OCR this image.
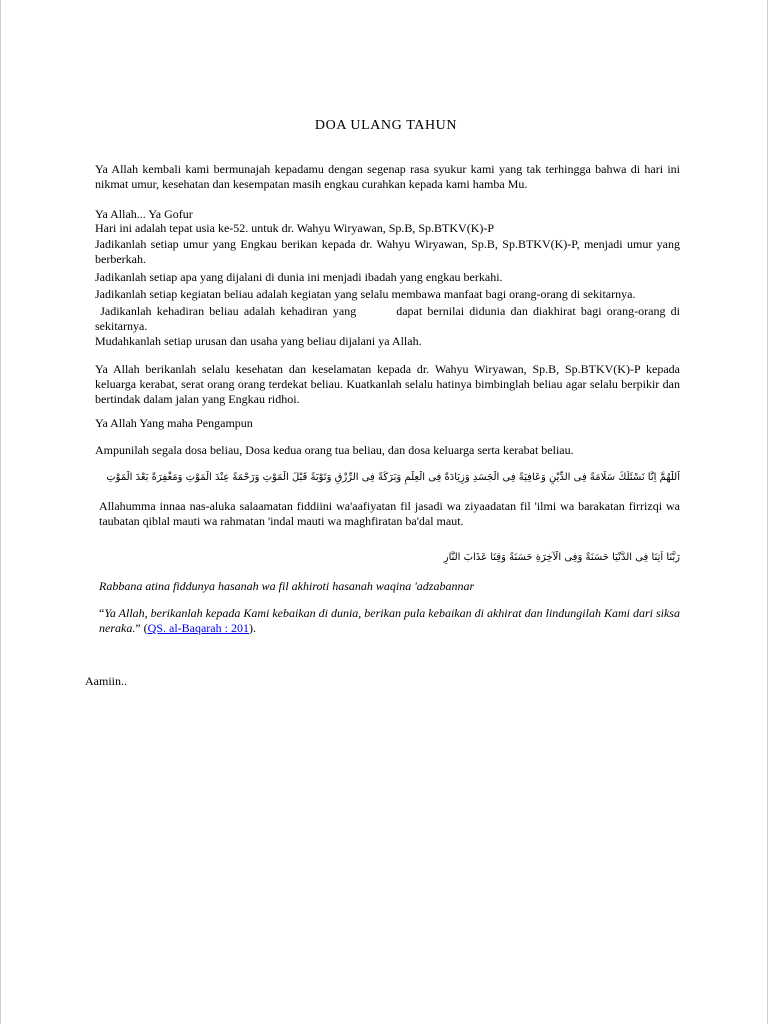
DOA ULANG TAHUN

Ya Allah kembali kami bermunajah kepadamu dengan segenap rasa syukur kami yang tak terhingga bahwa di hari ini nikmat umur, kesehatan dan kesempatan masih engkau curahkan kepada kami hamba Mu.

Ya Allah... Ya Gofur

Hari ini adalah tepat usia ke-52. untuk dr. Wahyu Wiryawan, Sp.B, Sp.BTKV(K)-P

Jadikanlah setiap umur yang Engkau berikan kepada dr. Wahyu Wiryawan, Sp.B, Sp.BTKV(K)-P, menjadi umur yang berberkah.

Jadikanlah setiap apa yang dijalani di dunia ini menjadi ibadah yang engkau berkahi.

Jadikanlah setiap kegiatan beliau adalah kegiatan yang selalu membawa manfaat bagi orang-orang di sekitarnya.

Jadikanlah kehadiran beliau adalah kehadiran yang	dapat bernilai didunia dan diakhirat bagi orang-orang di sekitarnya.

Mudahkanlah setiap urusan dan usaha yang beliau dijalani ya Allah.

Ya Allah berikanlah selalu kesehatan dan keselamatan kepada dr. Wahyu Wiryawan, Sp.B, Sp.BTKV(K)-P kepada keluarga kerabat, serat orang orang terdekat beliau. Kuatkanlah selalu hatinya bimbinglah beliau agar selalu berpikir dan bertindak dalam jalan yang Engkau ridhoi.

Ya Allah Yang maha Pengampun

Ampunilah segala dosa beliau, Dosa kedua orang tua beliau, dan dosa keluarga serta kerabat beliau.

اَللّٰهُمَّ اِنَّا نَسْئَلُكَ سَلَامَةً فِى الدِّيْنِ وَعَافِيَةً فِى الْجَسَدِ وَزِيَادَةً فِى الْعِلْمِ وَبَرَكَةً فِى الرِّزْقِ وَتَوْبَةً قَبْلَ الْمَوْتِ وَرَحْمَةً عِنْدَ الْمَوْتِ وَمَغْفِرَةً بَعْدَ الْمَوْتِ

Allahumma innaa nas-aluka salaamatan fiddiini wa'aafiyatan fil jasadi wa ziyaadatan fil 'ilmi wa barakatan firrizqi wa taubatan qiblal mauti wa rahmatan 'indal mauti wa maghfiratan ba'dal maut.

رَبَّنَا آتِنَا فِى الدُّنْيَا حَسَنَةً وَفِى الْآخِرَةِ حَسَنَةً وَقِنَا عَذَابَ النَّارِ

Rabbana atina fiddunya hasanah wa fil akhiroti hasanah waqina 'adzabannar

“Ya Allah, berikanlah kepada Kami kebaikan di dunia, berikan pula kebaikan di akhirat dan lindungilah Kami dari siksa neraka.” (QS. al-Baqarah : 201).

Aamiin..
